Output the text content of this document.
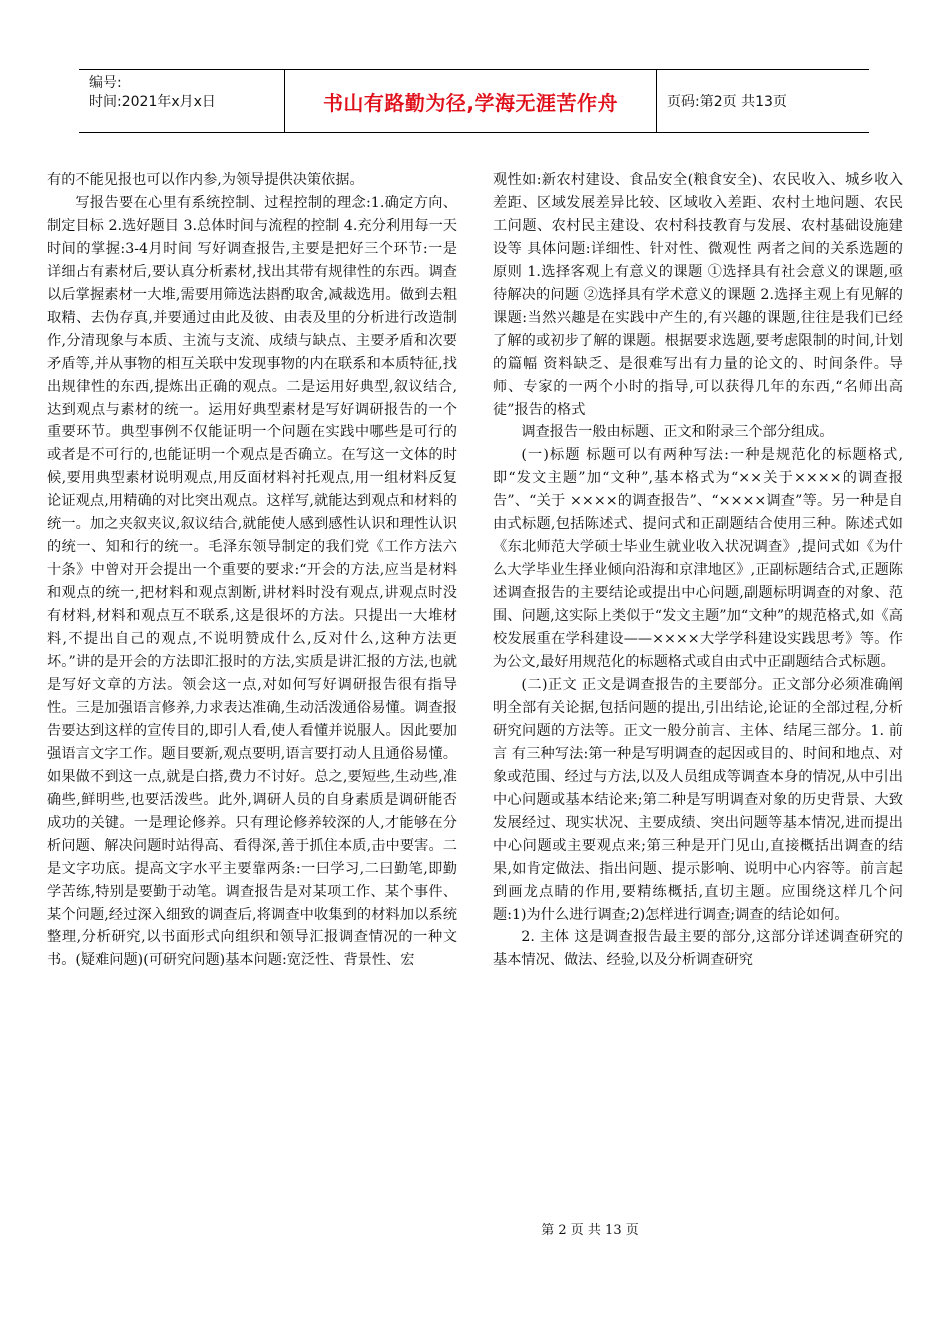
编号:
时间:2021年x月x日	书山有路勤为径,学海无涯苦作舟	页码:第2页 共13页

有的不能见报也可以作内参,为领导提供决策依据。

写报告要在心里有系统控制、过程控制的理念:1.确定方向、制定目标 2.选好题目 3.总体时间与流程的控制 4.充分利用每一天 时间的掌握:3-4月时间 写好调查报告,主要是把好三个环节:一是详细占有素材后,要认真分析素材,找出其带有规律性的东西。调查以后掌握素材一大堆,需要用筛选法斟酌取舍,减裁选用。做到去粗取精、去伪存真,并要通过由此及彼、由表及里的分析进行改造制作,分清现象与本质、主流与支流、成绩与缺点、主要矛盾和次要矛盾等,并从事物的相互关联中发现事物的内在联系和本质特征,找出规律性的东西,提炼出正确的观点。二是运用好典型,叙议结合,达到观点与素材的统一。运用好典型素材是写好调研报告的一个重要环节。典型事例不仅能证明一个问题在实践中哪些是可行的或者是不可行的,也能证明一个观点是否确立。在写这一文体的时候,要用典型素材说明观点,用反面材料衬托观点,用一组材料反复论证观点,用精确的对比突出观点。这样写,就能达到观点和材料的统一。加之夹叙夹议,叙议结合,就能使人感到感性认识和理性认识的统一、知和行的统一。毛泽东领导制定的我们党《工作方法六十条》中曾对开会提出一个重要的要求:“开会的方法,应当是材料和观点的统一,把材料和观点割断,讲材料时没有观点,讲观点时没有材料,材料和观点互不联系,这是很坏的方法。只提出一大堆材料,不提出自己的观点,不说明赞成什么,反对什么,这种方法更坏。”讲的是开会的方法即汇报时的方法,实质是讲汇报的方法,也就是写好文章的方法。领会这一点,对如何写好调研报告很有指导性。三是加强语言修养,力求表达准确,生动活泼通俗易懂。调查报告要达到这样的宣传目的,即引人看,使人看懂并说服人。因此要加强语言文字工作。题目要新,观点要明,语言要打动人且通俗易懂。如果做不到这一点,就是白搭,费力不讨好。总之,要短些,生动些,准确些,鲜明些,也要活泼些。此外,调研人员的自身素质是调研能否成功的关键。一是理论修养。只有理论修养较深的人,才能够在分析问题、解决问题时站得高、看得深,善于抓住本质,击中要害。二是文字功底。提高文字水平主要靠两条:一曰学习,二曰勤笔,即勤学苦练,特别是要勤于动笔。调查报告是对某项工作、某个事件、某个问题,经过深入细致的调查后,将调查中收集到的材料加以系统整理,分析研究,以书面形式向组织和领导汇报调查情况的一种文书。(疑难问题)(可研究问题)基本问题:宽泛性、背景性、宏

观性如:新农村建设、食品安全(粮食安全)、农民收入、城乡收入差距、区域发展差异比较、区域收入差距、农村土地问题、农民工问题、农村民主建设、农村科技教育与发展、农村基础设施建设等 具体问题:详细性、针对性、微观性 两者之间的关系选题的原则 1.选择客观上有意义的课题 ①选择具有社会意义的课题,亟待解决的问题 ②选择具有学术意义的课题 2.选择主观上有见解的课题:当然兴趣是在实践中产生的,有兴趣的课题,往往是我们已经了解的或初步了解的课题。根据要求选题,要考虑限制的时间,计划的篇幅 资料缺乏、是很难写出有力量的论文的、时间条件。导师、专家的一两个小时的指导,可以获得几年的东西,“名师出高徒”报告的格式

调查报告一般由标题、正文和附录三个部分组成。

(一)标题 标题可以有两种写法:一种是规范化的标题格式,即“发文主题”加“文种”,基本格式为“××关于××××的调查报告”、“关于 ××××的调查报告”、“××××调查”等。另一种是自由式标题,包括陈述式、提问式和正副题结合使用三种。陈述式如《东北师范大学硕士毕业生就业收入状况调查》,提问式如《为什么大学毕业生择业倾向沿海和京津地区》,正副标题结合式,正题陈述调查报告的主要结论或提出中心问题,副题标明调查的对象、范围、问题,这实际上类似于“发文主题”加“文种”的规范格式,如《高校发展重在学科建设——××××大学学科建设实践思考》等。作为公文,最好用规范化的标题格式或自由式中正副题结合式标题。

(二)正文 正文是调查报告的主要部分。正文部分必须准确阐明全部有关论据,包括问题的提出,引出结论,论证的全部过程,分析研究问题的方法等。正文一般分前言、主体、结尾三部分。1. 前言 有三种写法:第一种是写明调查的起因或目的、时间和地点、对象或范围、经过与方法,以及人员组成等调查本身的情况,从中引出中心问题或基本结论来;第二种是写明调查对象的历史背景、大致发展经过、现实状况、主要成绩、突出问题等基本情况,进而提出中心问题或主要观点来;第三种是开门见山,直接概括出调查的结果,如肯定做法、指出问题、提示影响、说明中心内容等。前言起到画龙点睛的作用,要精练概括,直切主题。应围绕这样几个问题:1)为什么进行调查;2)怎样进行调查;调查的结论如何。

2. 主体 这是调查报告最主要的部分,这部分详述调查研究的基本情况、做法、经验,以及分析调查研究

第 2 页 共 13 页
